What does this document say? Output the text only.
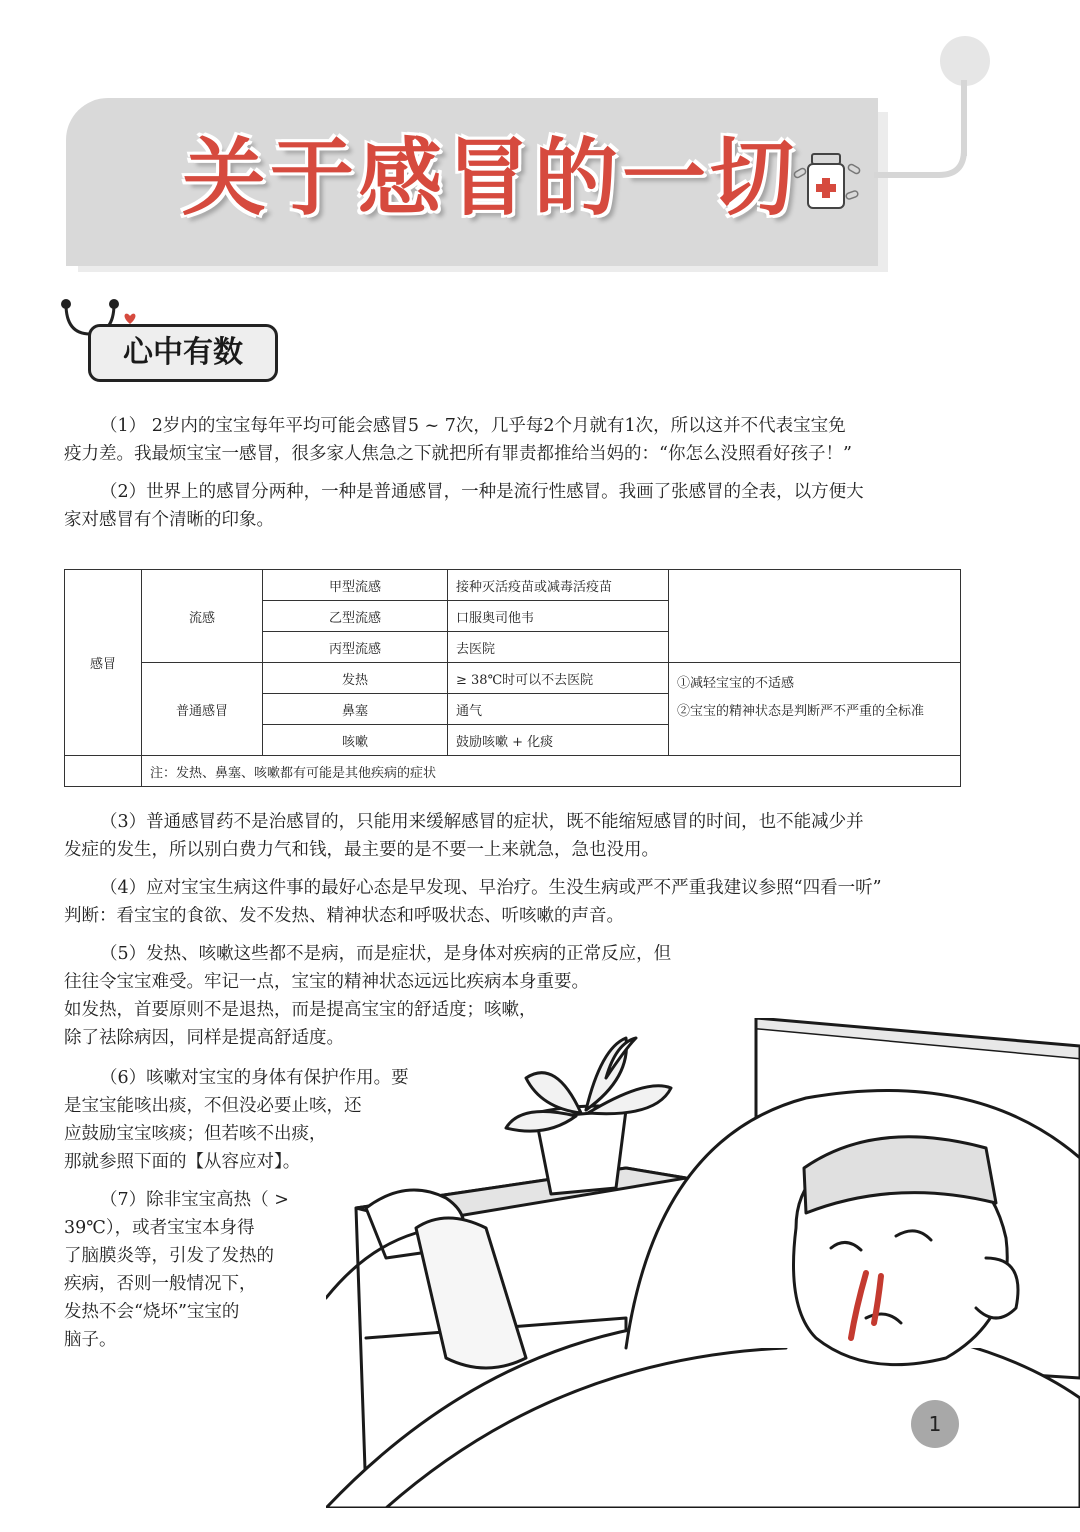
关于感冒的一切
心中有数
（1） 2岁内的宝宝每年平均可能会感冒5 ~ 7次，几乎每2个月就有1次，所以这并不代表宝宝免
疫力差。我最烦宝宝一感冒，很多家人焦急之下就把所有罪责都推给当妈的：“你怎么没照看好孩子！”
（2）世界上的感冒分两种，一种是普通感冒，一种是流行性感冒。我画了张感冒的全表，以方便大
家对感冒有个清晰的印象。
感冒	流感	甲型流感	接种灭活疫苗或减毒活疫苗	
		乙型流感	口服奥司他韦	
		丙型流感	去医院	
	普通感冒	发热	≥ 38℃时可以不去医院	①减轻宝宝的不适感
②宝宝的精神状态是判断严不严重的全标准

		鼻塞	通气	
		咳嗽	鼓励咳嗽 + 化痰	
	注：发热、鼻塞、咳嗽都有可能是其他疾病的症状			
（3）普通感冒药不是治感冒的，只能用来缓解感冒的症状，既不能缩短感冒的时间，也不能减少并
发症的发生，所以别白费力气和钱，最主要的是不要一上来就急，急也没用。
（4）应对宝宝生病这件事的最好心态是早发现、早治疗。生没生病或严不严重我建议参照“四看一听”
判断：看宝宝的食欲、发不发热、精神状态和呼吸状态、听咳嗽的声音。
（5）发热、咳嗽这些都不是病，而是症状，是身体对疾病的正常反应，但
往往令宝宝难受。牢记一点，宝宝的精神状态远远比疾病本身重要。
如发热，首要原则不是退热，而是提高宝宝的舒适度；咳嗽，
除了祛除病因，同样是提高舒适度。
（6）咳嗽对宝宝的身体有保护作用。要
是宝宝能咳出痰，不但没必要止咳，还
应鼓励宝宝咳痰；但若咳不出痰，
那就参照下面的【从容应对】。
（7）除非宝宝高热（ >
39℃），或者宝宝本身得
了脑膜炎等，引发了发热的
疾病，否则一般情况下，
发热不会“烧坏”宝宝的
脑子。
1
